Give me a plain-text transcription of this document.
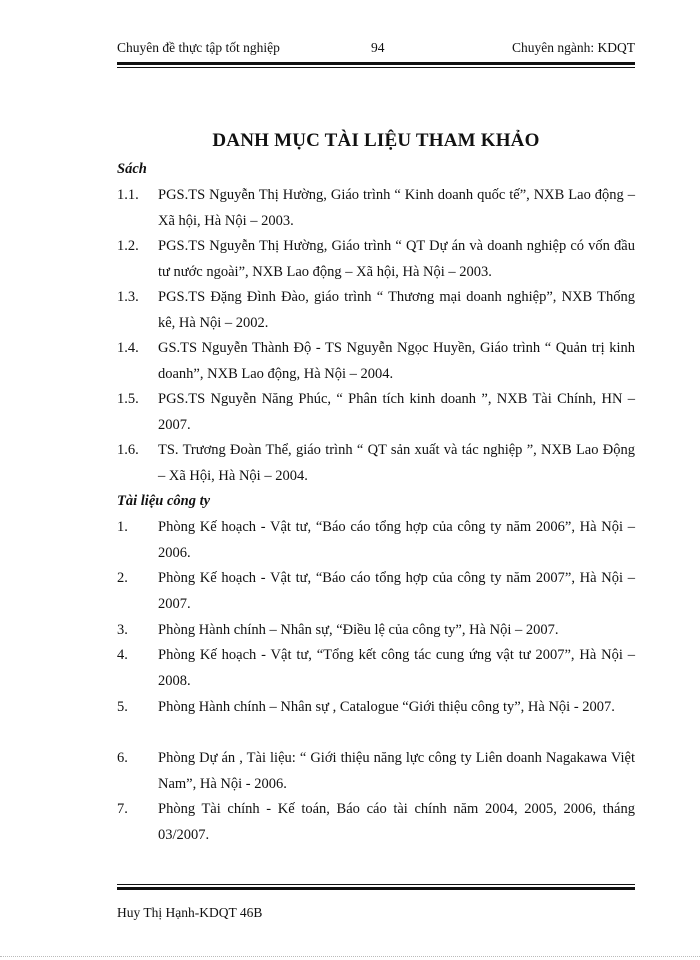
Chuyên đề thực tập tốt nghiệp	94	Chuyên ngành: KDQT
DANH MỤC TÀI LIỆU THAM KHẢO
Sách
1.1.	PGS.TS Nguyễn Thị Hường, Giáo trình “ Kinh doanh quốc tế”, NXB Lao động – Xã hội, Hà Nội – 2003.
1.2.	PGS.TS Nguyễn Thị Hường, Giáo trình “ QT Dự án và doanh nghiệp có vốn đầu tư nước ngoài”, NXB Lao động – Xã hội, Hà Nội – 2003.
1.3.	PGS.TS Đặng Đình Đào, giáo trình “ Thương mại doanh nghiệp”, NXB Thống kê, Hà Nội – 2002.
1.4.	GS.TS Nguyễn Thành Độ - TS Nguyễn Ngọc Huyền, Giáo trình “ Quản trị kinh doanh”, NXB Lao động, Hà Nội – 2004.
1.5.	PGS.TS Nguyễn Năng Phúc, “ Phân tích kinh doanh ”, NXB Tài Chính, HN – 2007.
1.6.	TS. Trương Đoàn Thể, giáo trình “ QT sản xuất và tác nghiệp ”, NXB Lao Động – Xã Hội, Hà Nội – 2004.
Tài liệu công ty
1.	Phòng Kế hoạch - Vật tư, “Báo cáo tổng hợp của công ty năm 2006”, Hà Nội – 2006.
2.	Phòng Kế hoạch - Vật tư, “Báo cáo tổng hợp của công ty năm 2007”, Hà Nội – 2007.
3.	Phòng Hành chính – Nhân sự, “Điều lệ của công ty”, Hà Nội – 2007.
4.	Phòng Kế hoạch - Vật tư, “Tổng kết công tác cung ứng vật tư 2007”, Hà Nội – 2008.
5.	Phòng Hành chính – Nhân sự , Catalogue “Giới thiệu công ty”, Hà Nội - 2007.
6.	Phòng Dự án , Tài liệu: “ Giới thiệu năng lực công ty Liên doanh Nagakawa Việt Nam”, Hà Nội - 2006.
7.	Phòng Tài chính - Kế toán, Báo cáo tài chính năm 2004, 2005, 2006, tháng 03/2007.
Huy Thị Hạnh-KDQT 46B
